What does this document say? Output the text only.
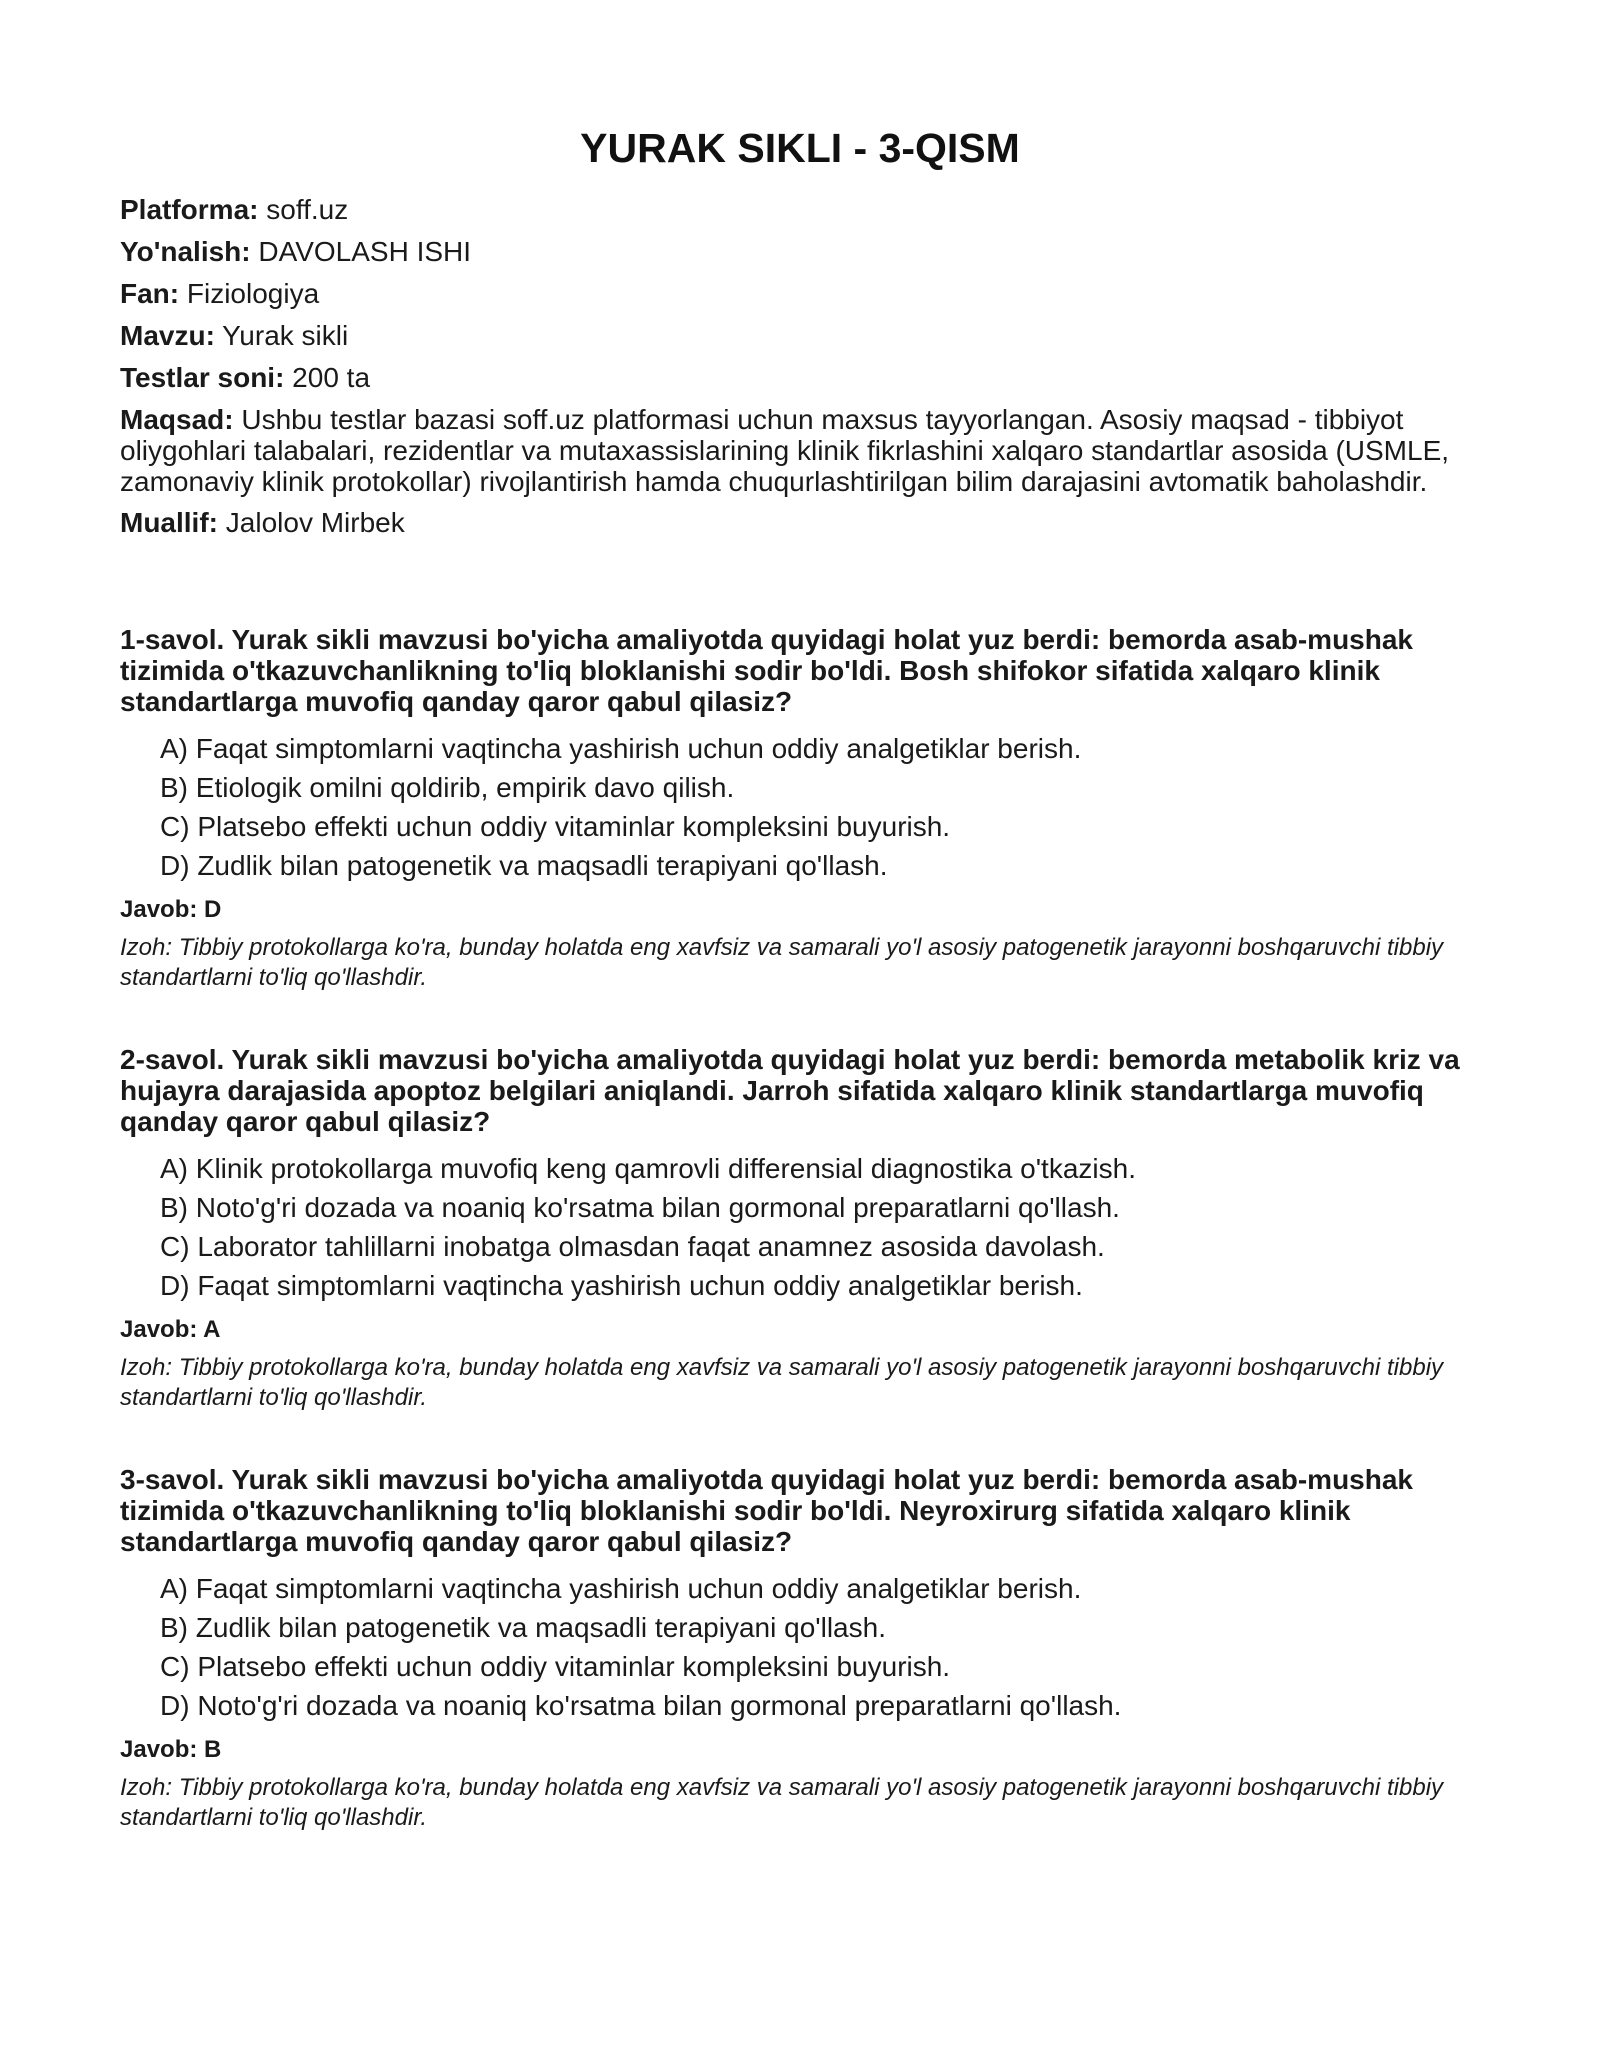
YURAK SIKLI - 3-QISM
Platforma: soff.uz
Yo'nalish: DAVOLASH ISHI
Fan: Fiziologiya
Mavzu: Yurak sikli
Testlar soni: 200 ta
Maqsad: Ushbu testlar bazasi soff.uz platformasi uchun maxsus tayyorlangan. Asosiy maqsad - tibbiyot oliygohlari talabalari, rezidentlar va mutaxassislarining klinik fikrlashini xalqaro standartlar asosida (USMLE, zamonaviy klinik protokollar) rivojlantirish hamda chuqurlashtirilgan bilim darajasini avtomatik baholashdir.
Muallif: Jalolov Mirbek

1-savol. Yurak sikli mavzusi bo'yicha amaliyotda quyidagi holat yuz berdi: bemorda asab-mushak tizimida o'tkazuvchanlikning to'liq bloklanishi sodir bo'ldi. Bosh shifokor sifatida xalqaro klinik standartlarga muvofiq qanday qaror qabul qilasiz?

A) Faqat simptomlarni vaqtincha yashirish uchun oddiy analgetiklar berish.
B) Etiologik omilni qoldirib, empirik davo qilish.
C) Platsebo effekti uchun oddiy vitaminlar kompleksini buyurish.
D) Zudlik bilan patogenetik va maqsadli terapiyani qo'llash.
Javob: D
Izoh: Tibbiy protokollarga ko'ra, bunday holatda eng xavfsiz va samarali yo'l asosiy patogenetik jarayonni boshqaruvchi tibbiy standartlarni to'liq qo'llashdir.

2-savol. Yurak sikli mavzusi bo'yicha amaliyotda quyidagi holat yuz berdi: bemorda metabolik kriz va hujayra darajasida apoptoz belgilari aniqlandi. Jarroh sifatida xalqaro klinik standartlarga muvofiq qanday qaror qabul qilasiz?

A) Klinik protokollarga muvofiq keng qamrovli differensial diagnostika o'tkazish.
B) Noto'g'ri dozada va noaniq ko'rsatma bilan gormonal preparatlarni qo'llash.
C) Laborator tahlillarni inobatga olmasdan faqat anamnez asosida davolash.
D) Faqat simptomlarni vaqtincha yashirish uchun oddiy analgetiklar berish.
Javob: A
Izoh: Tibbiy protokollarga ko'ra, bunday holatda eng xavfsiz va samarali yo'l asosiy patogenetik jarayonni boshqaruvchi tibbiy standartlarni to'liq qo'llashdir.

3-savol. Yurak sikli mavzusi bo'yicha amaliyotda quyidagi holat yuz berdi: bemorda asab-mushak tizimida o'tkazuvchanlikning to'liq bloklanishi sodir bo'ldi. Neyroxirurg sifatida xalqaro klinik standartlarga muvofiq qanday qaror qabul qilasiz?

A) Faqat simptomlarni vaqtincha yashirish uchun oddiy analgetiklar berish.
B) Zudlik bilan patogenetik va maqsadli terapiyani qo'llash.
C) Platsebo effekti uchun oddiy vitaminlar kompleksini buyurish.
D) Noto'g'ri dozada va noaniq ko'rsatma bilan gormonal preparatlarni qo'llash.
Javob: B
Izoh: Tibbiy protokollarga ko'ra, bunday holatda eng xavfsiz va samarali yo'l asosiy patogenetik jarayonni boshqaruvchi tibbiy standartlarni to'liq qo'llashdir.
